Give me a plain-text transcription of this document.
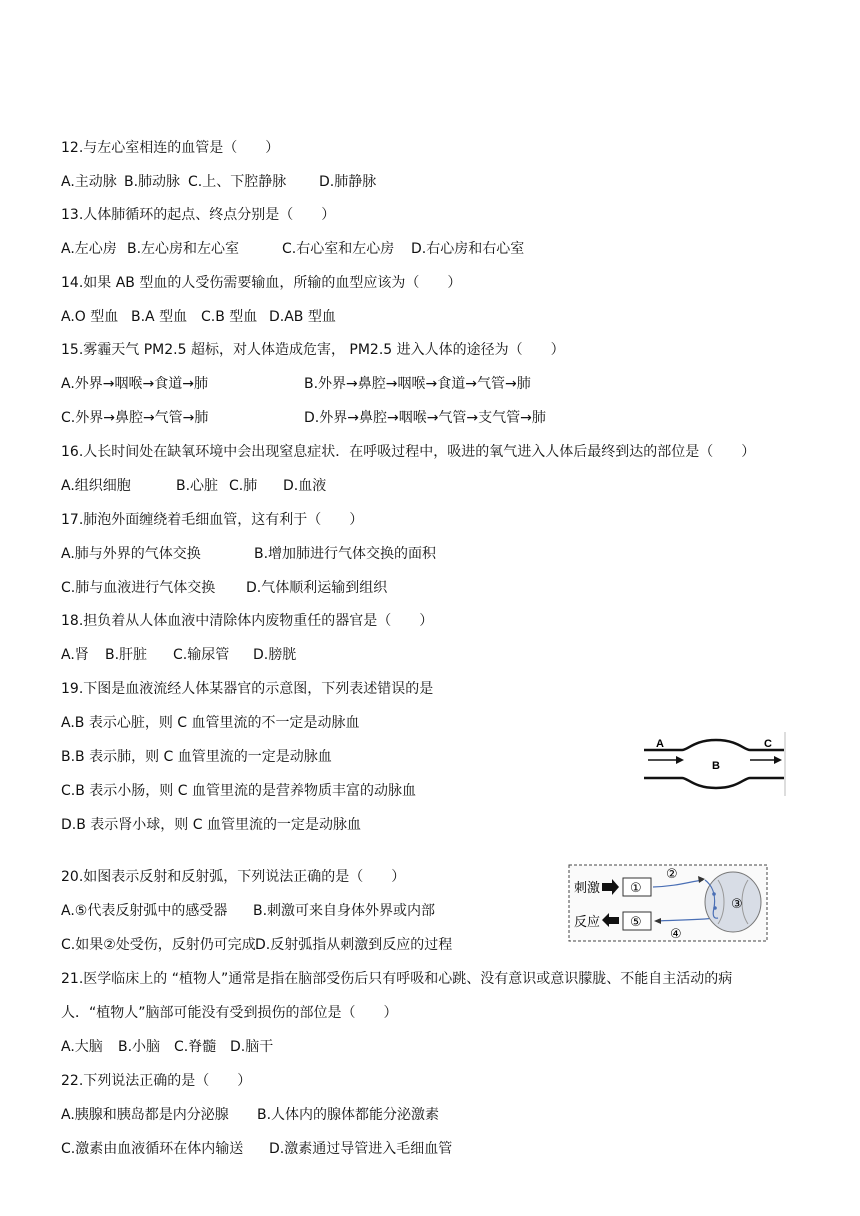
12.与左心室相连的血管是（　　）
A.主动脉 B.肺动脉 C.上、下腔静脉 D.肺静脉
13.人体肺循环的起点、终点分别是（　　）
A.左心房 B.左心房和左心室	C.右心室和左心房 D.右心房和右心室
14.如果 AB 型血的人受伤需要输血，所输的血型应该为（　　）
A.O 型血 B.A 型血 C.B 型血 D.AB 型血
15.雾霾天气 PM2.5 超标，对人体造成危害， PM2.5 进入人体的途径为（　　）
A.外界→咽喉→食道→肺	B.外界→鼻腔→咽喉→食道→气管→肺
C.外界→鼻腔→气管→肺	D.外界→鼻腔→咽喉→气管→支气管→肺
16.人长时间处在缺氧环境中会出现窒息症状．在呼吸过程中，吸进的氧气进入人体后最终到达的部位是（　　）
A.组织细胞	B.心脏 C.肺 D.血液
17.肺泡外面缠绕着毛细血管，这有利于（　　）
A.肺与外界的气体交换	B.增加肺进行气体交换的面积
C.肺与血液进行气体交换 D.气体顺利运输到组织
18.担负着从人体血液中清除体内废物重任的器官是（　　）
A.肾 B.肝脏 C.输尿管 D.膀胱
19.下图是血液流经人体某器官的示意图，下列表述错误的是
A.B 表示心脏，则 C 血管里流的不一定是动脉血
B.B 表示肺，则 C 血管里流的一定是动脉血
C.B 表示小肠，则 C 血管里流的是营养物质丰富的动脉血
D.B 表示肾小球，则 C 血管里流的一定是动脉血
A
B
C
20.如图表示反射和反射弧，下列说法正确的是（　　）
A.⑤代表反射弧中的感受器 B.刺激可来自身体外界或内部
C.如果②处受伤，反射仍可完成D.反射弧指从刺激到反应的过程
刺激 ①
反应 ⑤
②
④
③
21.医学临床上的 “植物人”通常是指在脑部受伤后只有呼吸和心跳、没有意识或意识朦胧、不能自主活动的病
人．“植物人”脑部可能没有受到损伤的部位是（　　）
A.大脑 B.小脑 C.脊髓 D.脑干
22.下列说法正确的是（　　）
A.胰腺和胰岛都是内分泌腺 B.人体内的腺体都能分泌激素
C.激素由血液循环在体内输送 D.激素通过导管进入毛细血管
